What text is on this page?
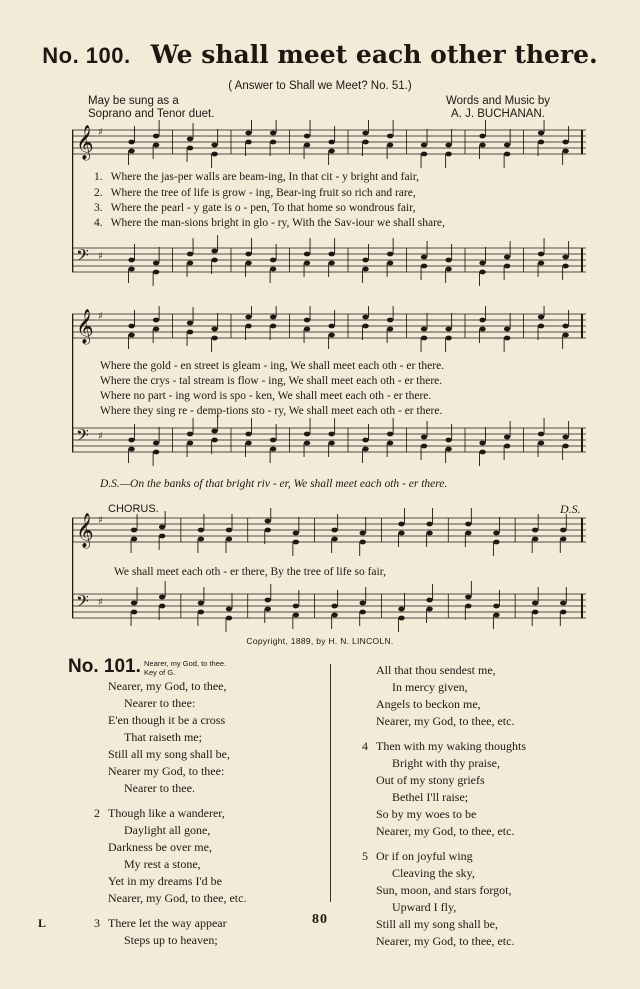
No. 100. We shall meet each other there.
( Answer to Shall we Meet? No. 51.)
May be sung as a
Soprano and Tenor duet.
Words and Music by
A. J. BUCHANAN.
𝄞 ♯
𝄢 ♯
1. Where the jas-per walls are beam-ing, In that cit - y bright and fair,
2. Where the tree of life is grow - ing, Bear-ing fruit so rich and rare,
3. Where the pearl - y gate is o - pen, To that home so wondrous fair,
4. Where the man-sions bright in glo - ry, With the Sav-iour we shall share,
𝄞 ♯
𝄢 ♯
Where the gold - en street is gleam - ing, We shall meet each oth - er there.
Where the crys - tal stream is flow - ing, We shall meet each oth - er there.
Where no part - ing word is spo - ken, We shall meet each oth - er there.
Where they sing re - demp-tions sto - ry, We shall meet each oth - er there.
D.S.—On the banks of that bright riv - er, We shall meet each oth - er there.
CHORUS.	D.S.
𝄞 ♯
𝄢 ♯
We shall meet each oth - er there, By the tree of life so fair,
Copyright, 1889, by H. N. LINCOLN.
No. 101. Nearer, my God, to thee.
Key of G.
Nearer, my God, to thee,
Nearer to thee:
E'en though it be a cross
That raiseth me;
Still all my song shall be,
Nearer my God, to thee:
Nearer to thee.
2 Though like a wanderer,
Daylight all gone,
Darkness be over me,
My rest a stone,
Yet in my dreams I'd be
Nearer, my God, to thee, etc.
3 There let the way appear
Steps up to heaven;
All that thou sendest me,
In mercy given,
Angels to beckon me,
Nearer, my God, to thee, etc.
4 Then with my waking thoughts
Bright with thy praise,
Out of my stony griefs
Bethel I'll raise;
So by my woes to be
Nearer, my God, to thee, etc.
5 Or if on joyful wing
Cleaving the sky,
Sun, moon, and stars forgot,
Upward I fly,
Still all my song shall be,
Nearer, my God, to thee, etc.
80
L
